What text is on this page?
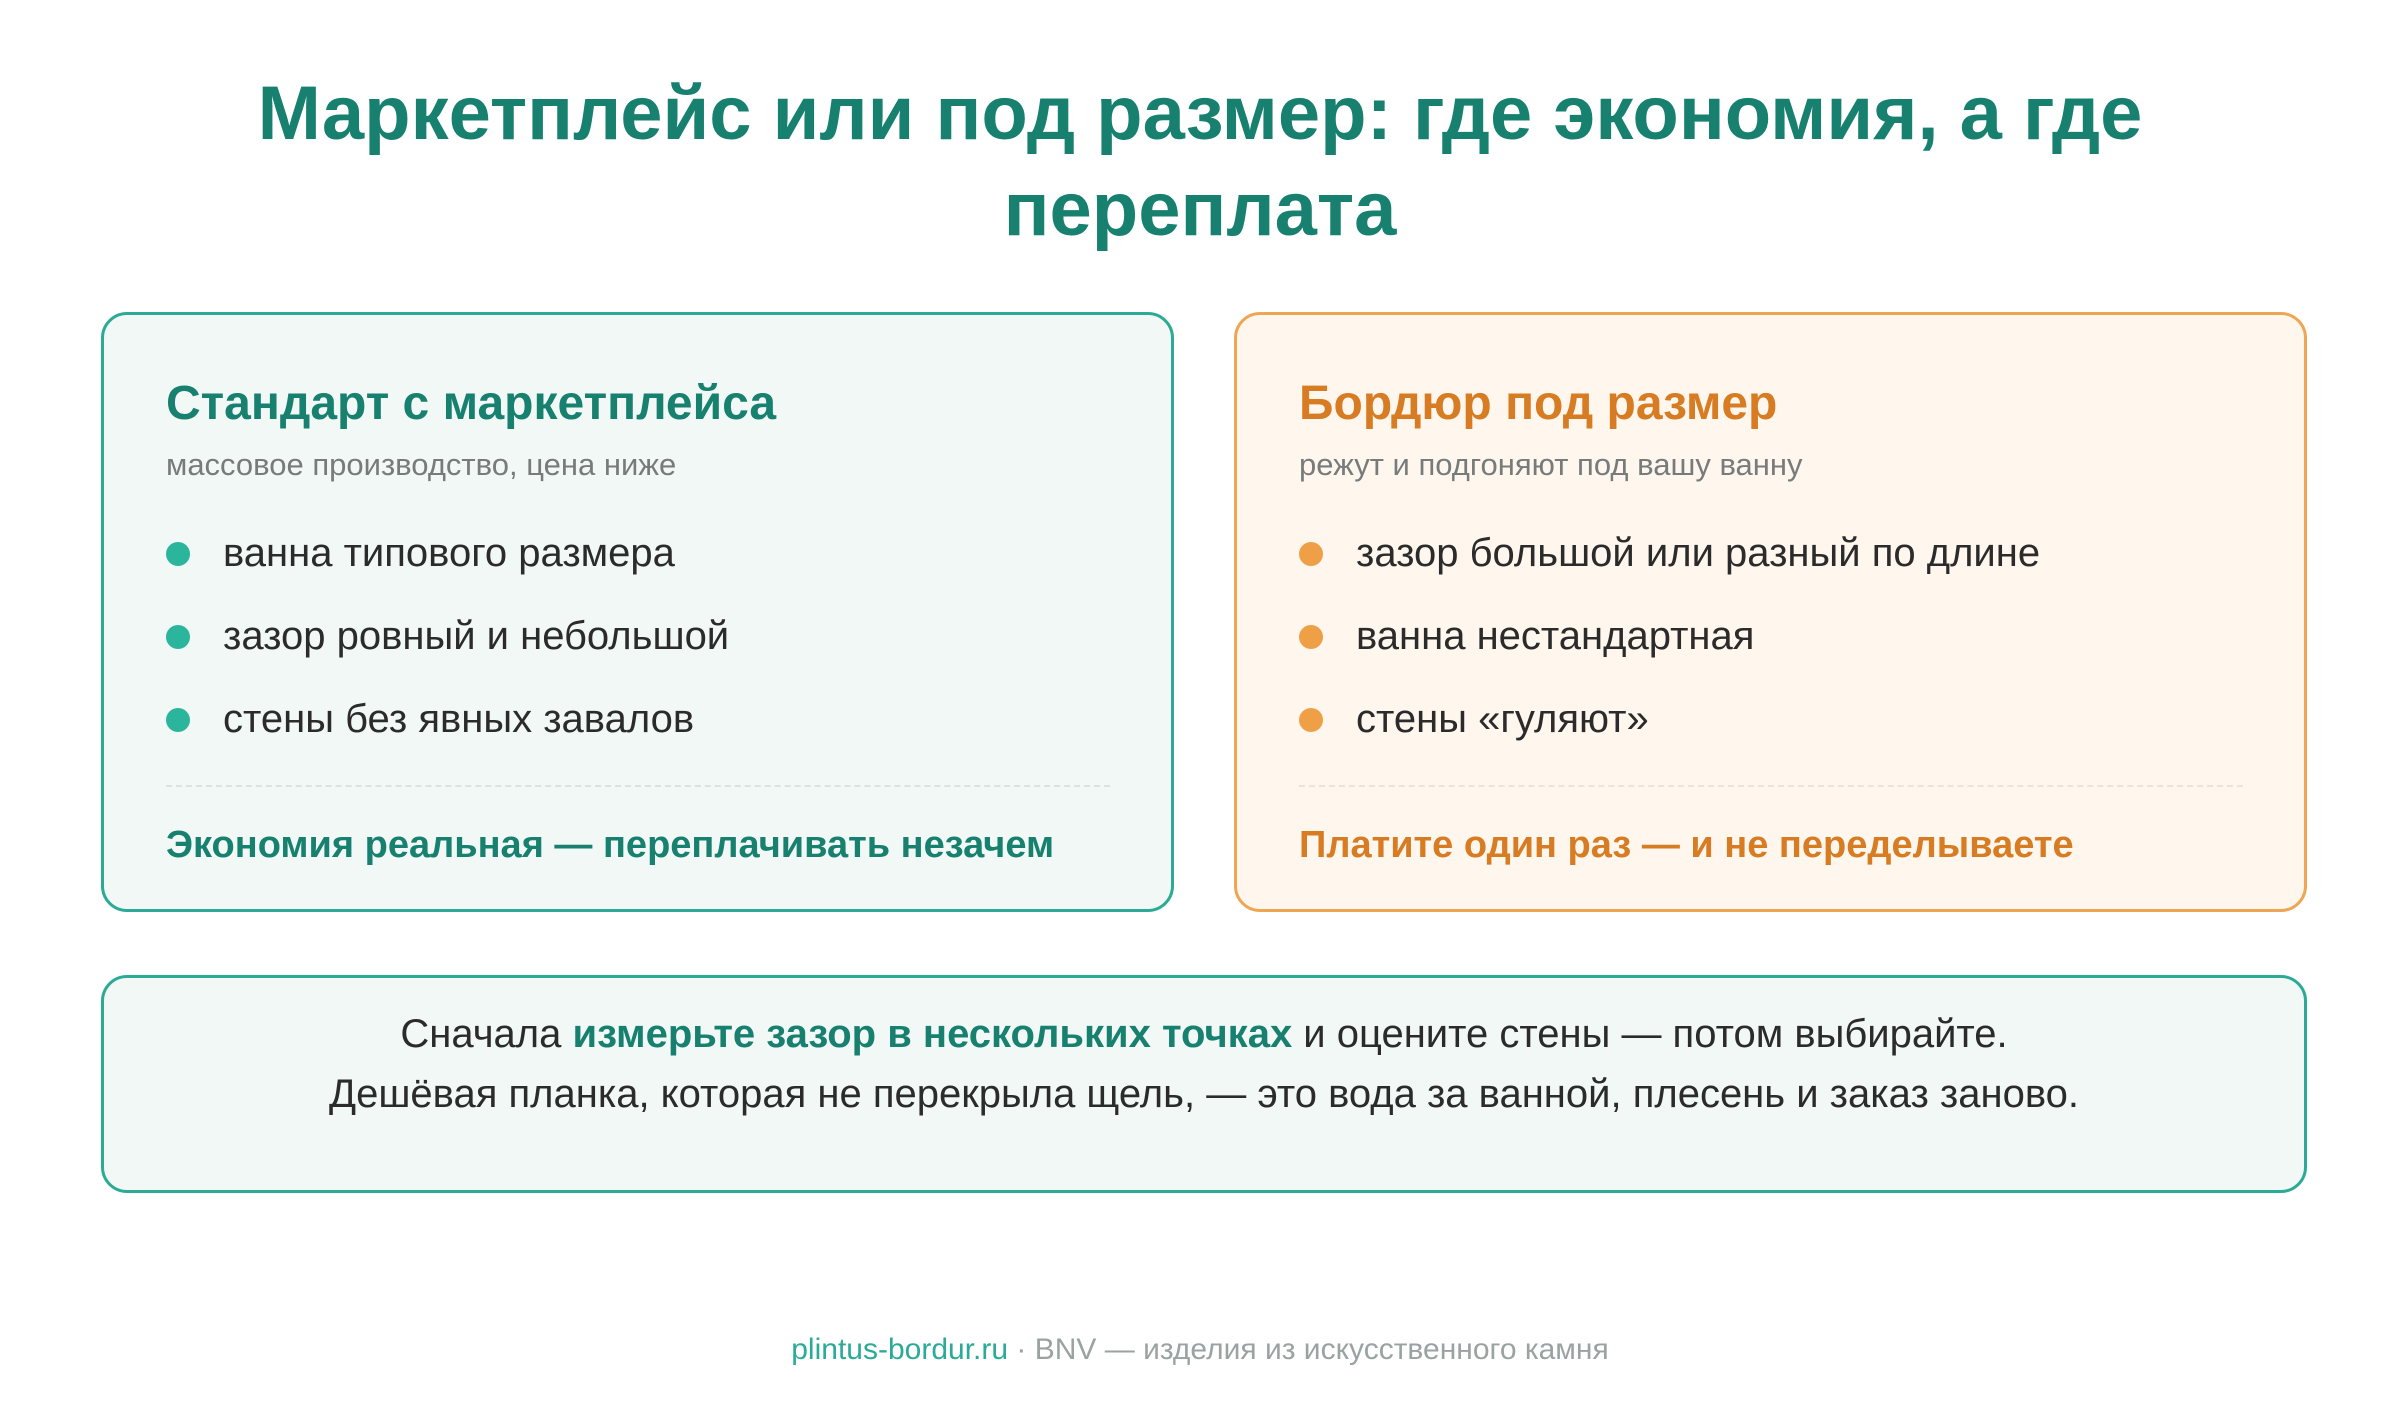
Маркетплейс или под размер: где экономия, а где переплата
Стандарт с маркетплейса
массовое производство, цена ниже
ванна типового размера
зазор ровный и небольшой
стены без явных завалов
Экономия реальная — переплачивать незачем
Бордюр под размер
режут и подгоняют под вашу ванну
зазор большой или разный по длине
ванна нестандартная
стены «гуляют»
Платите один раз — и не переделываете
Сначала измерьте зазор в нескольких точках и оцените стены — потом выбирайте.
Дешёвая планка, которая не перекрыла щель, — это вода за ванной, плесень и заказ заново.
plintus-bordur.ru · BNV — изделия из искусственного камня
